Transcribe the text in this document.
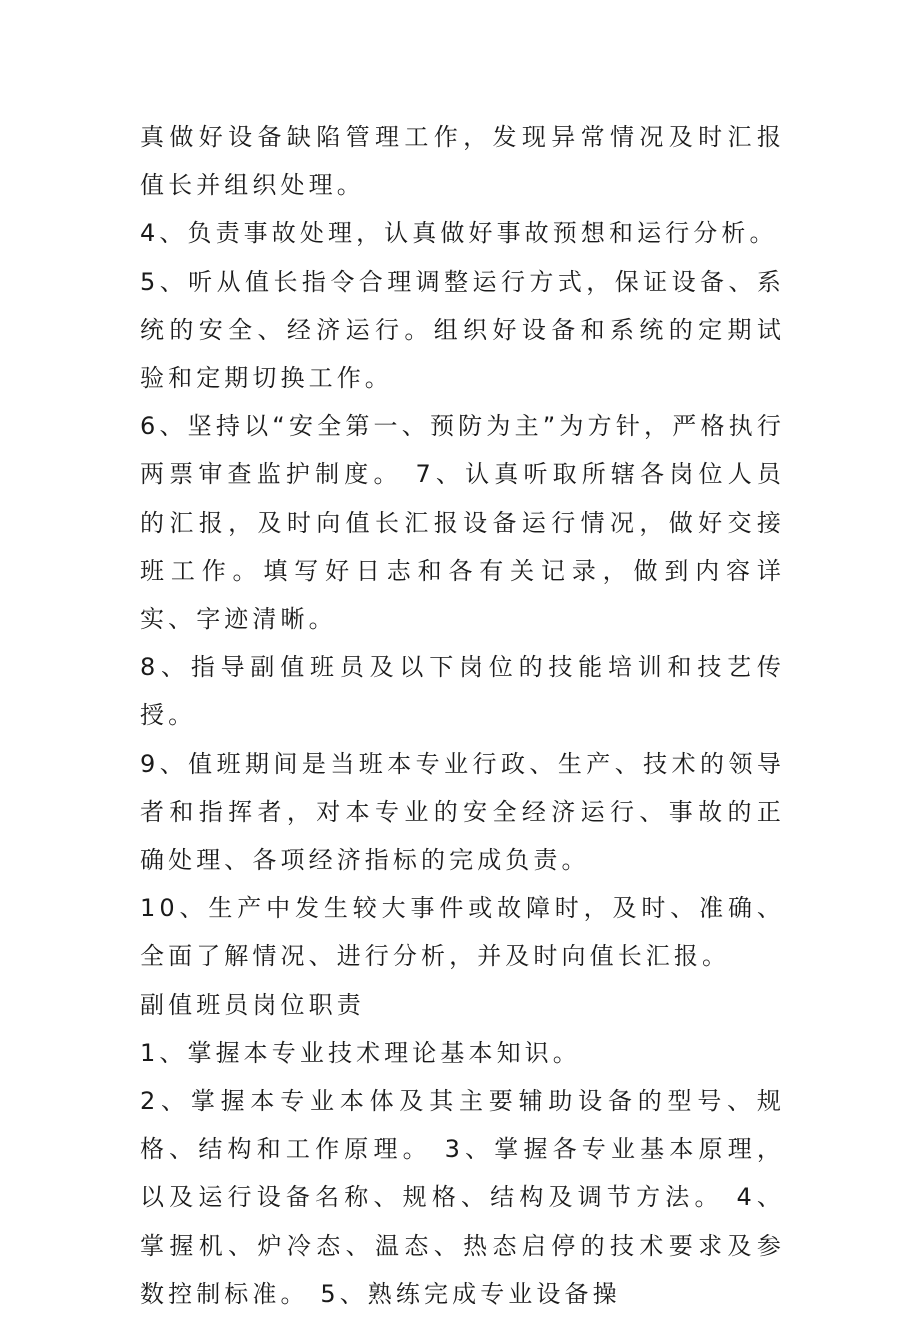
真做好设备缺陷管理工作，发现异常情况及时汇报值长并组织处理。

4、负责事故处理，认真做好事故预想和运行分析。

5、听从值长指令合理调整运行方式，保证设备、系统的安全、经济运行。组织好设备和系统的定期试验和定期切换工作。

6、坚持以“安全第一、预防为主”为方针，严格执行两票审查监护制度。 7、认真听取所辖各岗位人员的汇报，及时向值长汇报设备运行情况，做好交接班工作。填写好日志和各有关记录，做到内容详实、字迹清晰。

8、指导副值班员及以下岗位的技能培训和技艺传授。

9、值班期间是当班本专业行政、生产、技术的领导者和指挥者，对本专业的安全经济运行、事故的正确处理、各项经济指标的完成负责。

10、生产中发生较大事件或故障时，及时、准确、全面了解情况、进行分析，并及时向值长汇报。

副值班员岗位职责

1、掌握本专业技术理论基本知识。

2、掌握本专业本体及其主要辅助设备的型号、规格、结构和工作原理。 3、掌握各专业基本原理，以及运行设备名称、规格、结构及调节方法。 4、掌握机、炉冷态、温态、热态启停的技术要求及参数控制标准。 5、熟练完成专业设备操
